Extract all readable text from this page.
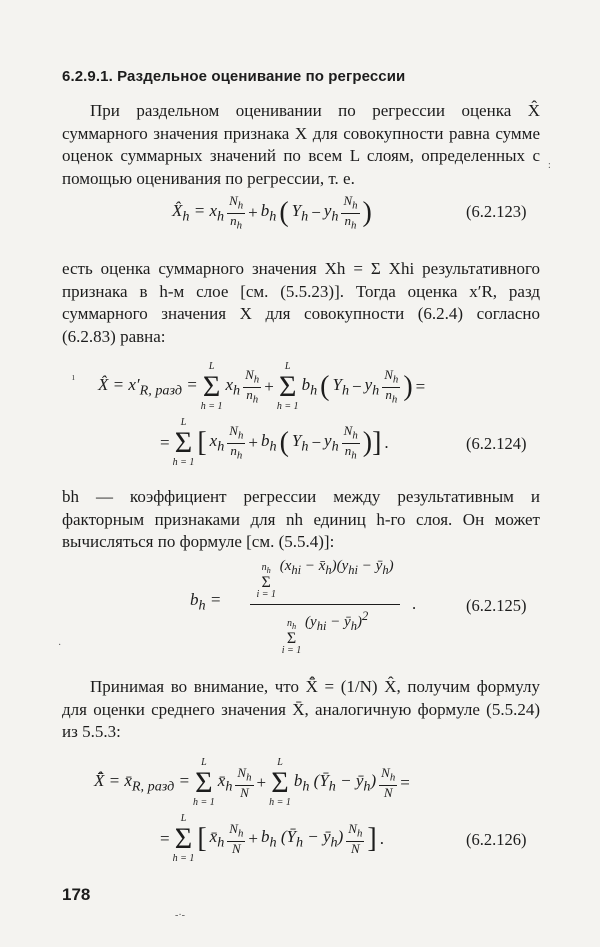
6.2.9.1. Раздельное оценивание по регрессии
При раздельном оценивании по регрессии оценка X̂ суммарного значения признака X для совокупности равна сумме оценок суммарных значений по всем L слоям, определенных с помощью оценивания по регрессии, т. е.
$X̂_h = x_h \frac{N_h}{n_h} + b_h$ ( $Y_h - y_h \frac{N_h}{n_h}$ )	(6.2.123)
есть оценка суммарного значения Xh = Σ Xhi результативного признака в h-м слое [см. (5.5.23)]. Тогда оценка x′R, разд суммарного значения X для совокупности (6.2.4) согласно (6.2.83) равна:
X̂ = $x'_{R, разд}$ =
L
Σ
h = 1
$x_h \frac{N_h}{n_h}$ +
L
Σ
h = 1
$b_h$ ( $Y_h - y_h \frac{N_h}{n_h}$ ) =
=
L
Σ
h = 1
[ $x_h \frac{N_h}{n_h} + b_h$ ( $Y_h - y_h \frac{N_h}{n_h}$ )] .	(6.2.124)
bh — коэффициент регрессии между результативным и факторным признаками для nh единиц h-го слоя. Он может вычисляться по формуле [см. (5.5.4)]:
$b_h$ =
$n_h$
Σ
i = 1
($x_{hi}$ − $x̄_h)(y_{hi}$ − $ȳ_h$)
$n_h$
Σ
i = 1
($y_{hi}$ − $ȳ_h)^2$
.	(6.2.125)
Принимая во внимание, что X̄̂ = (1/N) X̂, получим формулу для оценки среднего значения X̄, аналогичную формуле (5.5.24) из 5.5.3:
X̄̂ = $x̄_{R, разд}$ =
L
Σ
h = 1
$x̄_h \frac{N_h}{N}$ +
L
Σ
h = 1
$b_h$ ($Ȳ_h$ − $ȳ_h) \frac{N_h}{N}$ =
=
L
Σ
h = 1
[ $x̄_h \frac{N_h}{N} + b_h$ ($Ȳ_h$ − $ȳ_h) \frac{N_h}{N}$ ] .	(6.2.126)
178
:
ı
·
-·-
